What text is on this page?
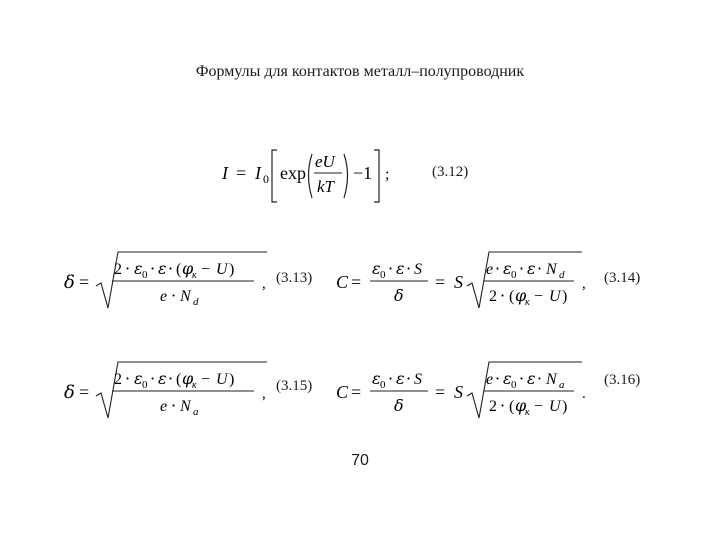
Формулы для контактов металл–полупроводник
I = I 0 exp
eU
kT
−1 ;	(3.12)
δ =
2 · ε 0 · ε · ( φ
к − U )
e · N d
, (3.13) C =
ε 0 · ε · S
δ
= S
e · ε 0 · ε · N d
2 · ( φ
к − U )
, (3.14)
δ =
2 · ε 0 · ε · ( φ
к − U )
e · N a
, (3.15) C =
ε 0 · ε · S
δ
= S
e · ε 0 · ε · N a
2 · ( φ
к − U )
.
(3.16)
70
